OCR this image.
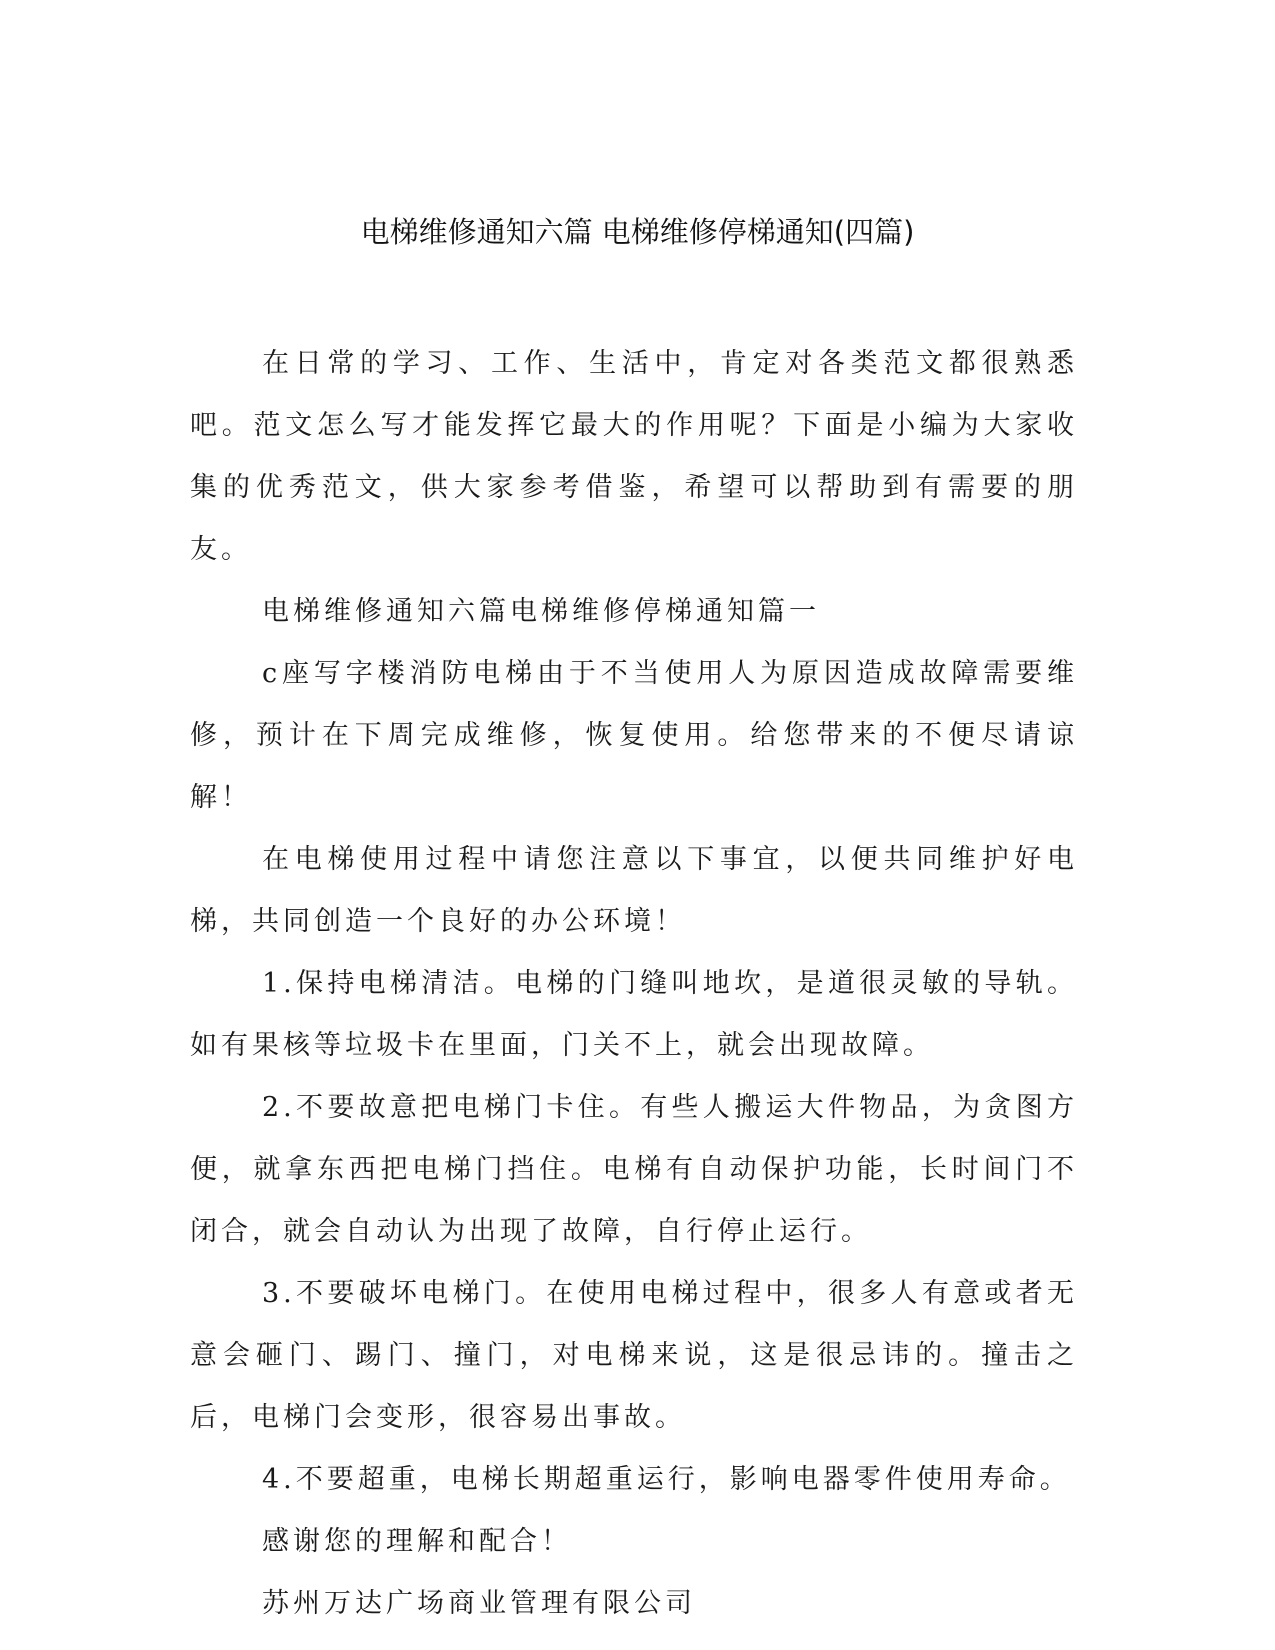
电梯维修通知六篇 电梯维修停梯通知(四篇)

在日常的学习、工作、生活中，肯定对各类范文都很熟悉吧。范文怎么写才能发挥它最大的作用呢？下面是小编为大家收集的优秀范文，供大家参考借鉴，希望可以帮助到有需要的朋友。

电梯维修通知六篇电梯维修停梯通知篇一

c座写字楼消防电梯由于不当使用人为原因造成故障需要维修，预计在下周完成维修，恢复使用。给您带来的不便尽请谅解！

在电梯使用过程中请您注意以下事宜，以便共同维护好电梯，共同创造一个良好的办公环境！

1.保持电梯清洁。电梯的门缝叫地坎，是道很灵敏的导轨。如有果核等垃圾卡在里面，门关不上，就会出现故障。

2.不要故意把电梯门卡住。有些人搬运大件物品，为贪图方便，就拿东西把电梯门挡住。电梯有自动保护功能，长时间门不闭合，就会自动认为出现了故障，自行停止运行。

3.不要破坏电梯门。在使用电梯过程中，很多人有意或者无意会砸门、踢门、撞门，对电梯来说，这是很忌讳的。撞击之后，电梯门会变形，很容易出事故。

4.不要超重，电梯长期超重运行，影响电器零件使用寿命。

感谢您的理解和配合！

苏州万达广场商业管理有限公司
